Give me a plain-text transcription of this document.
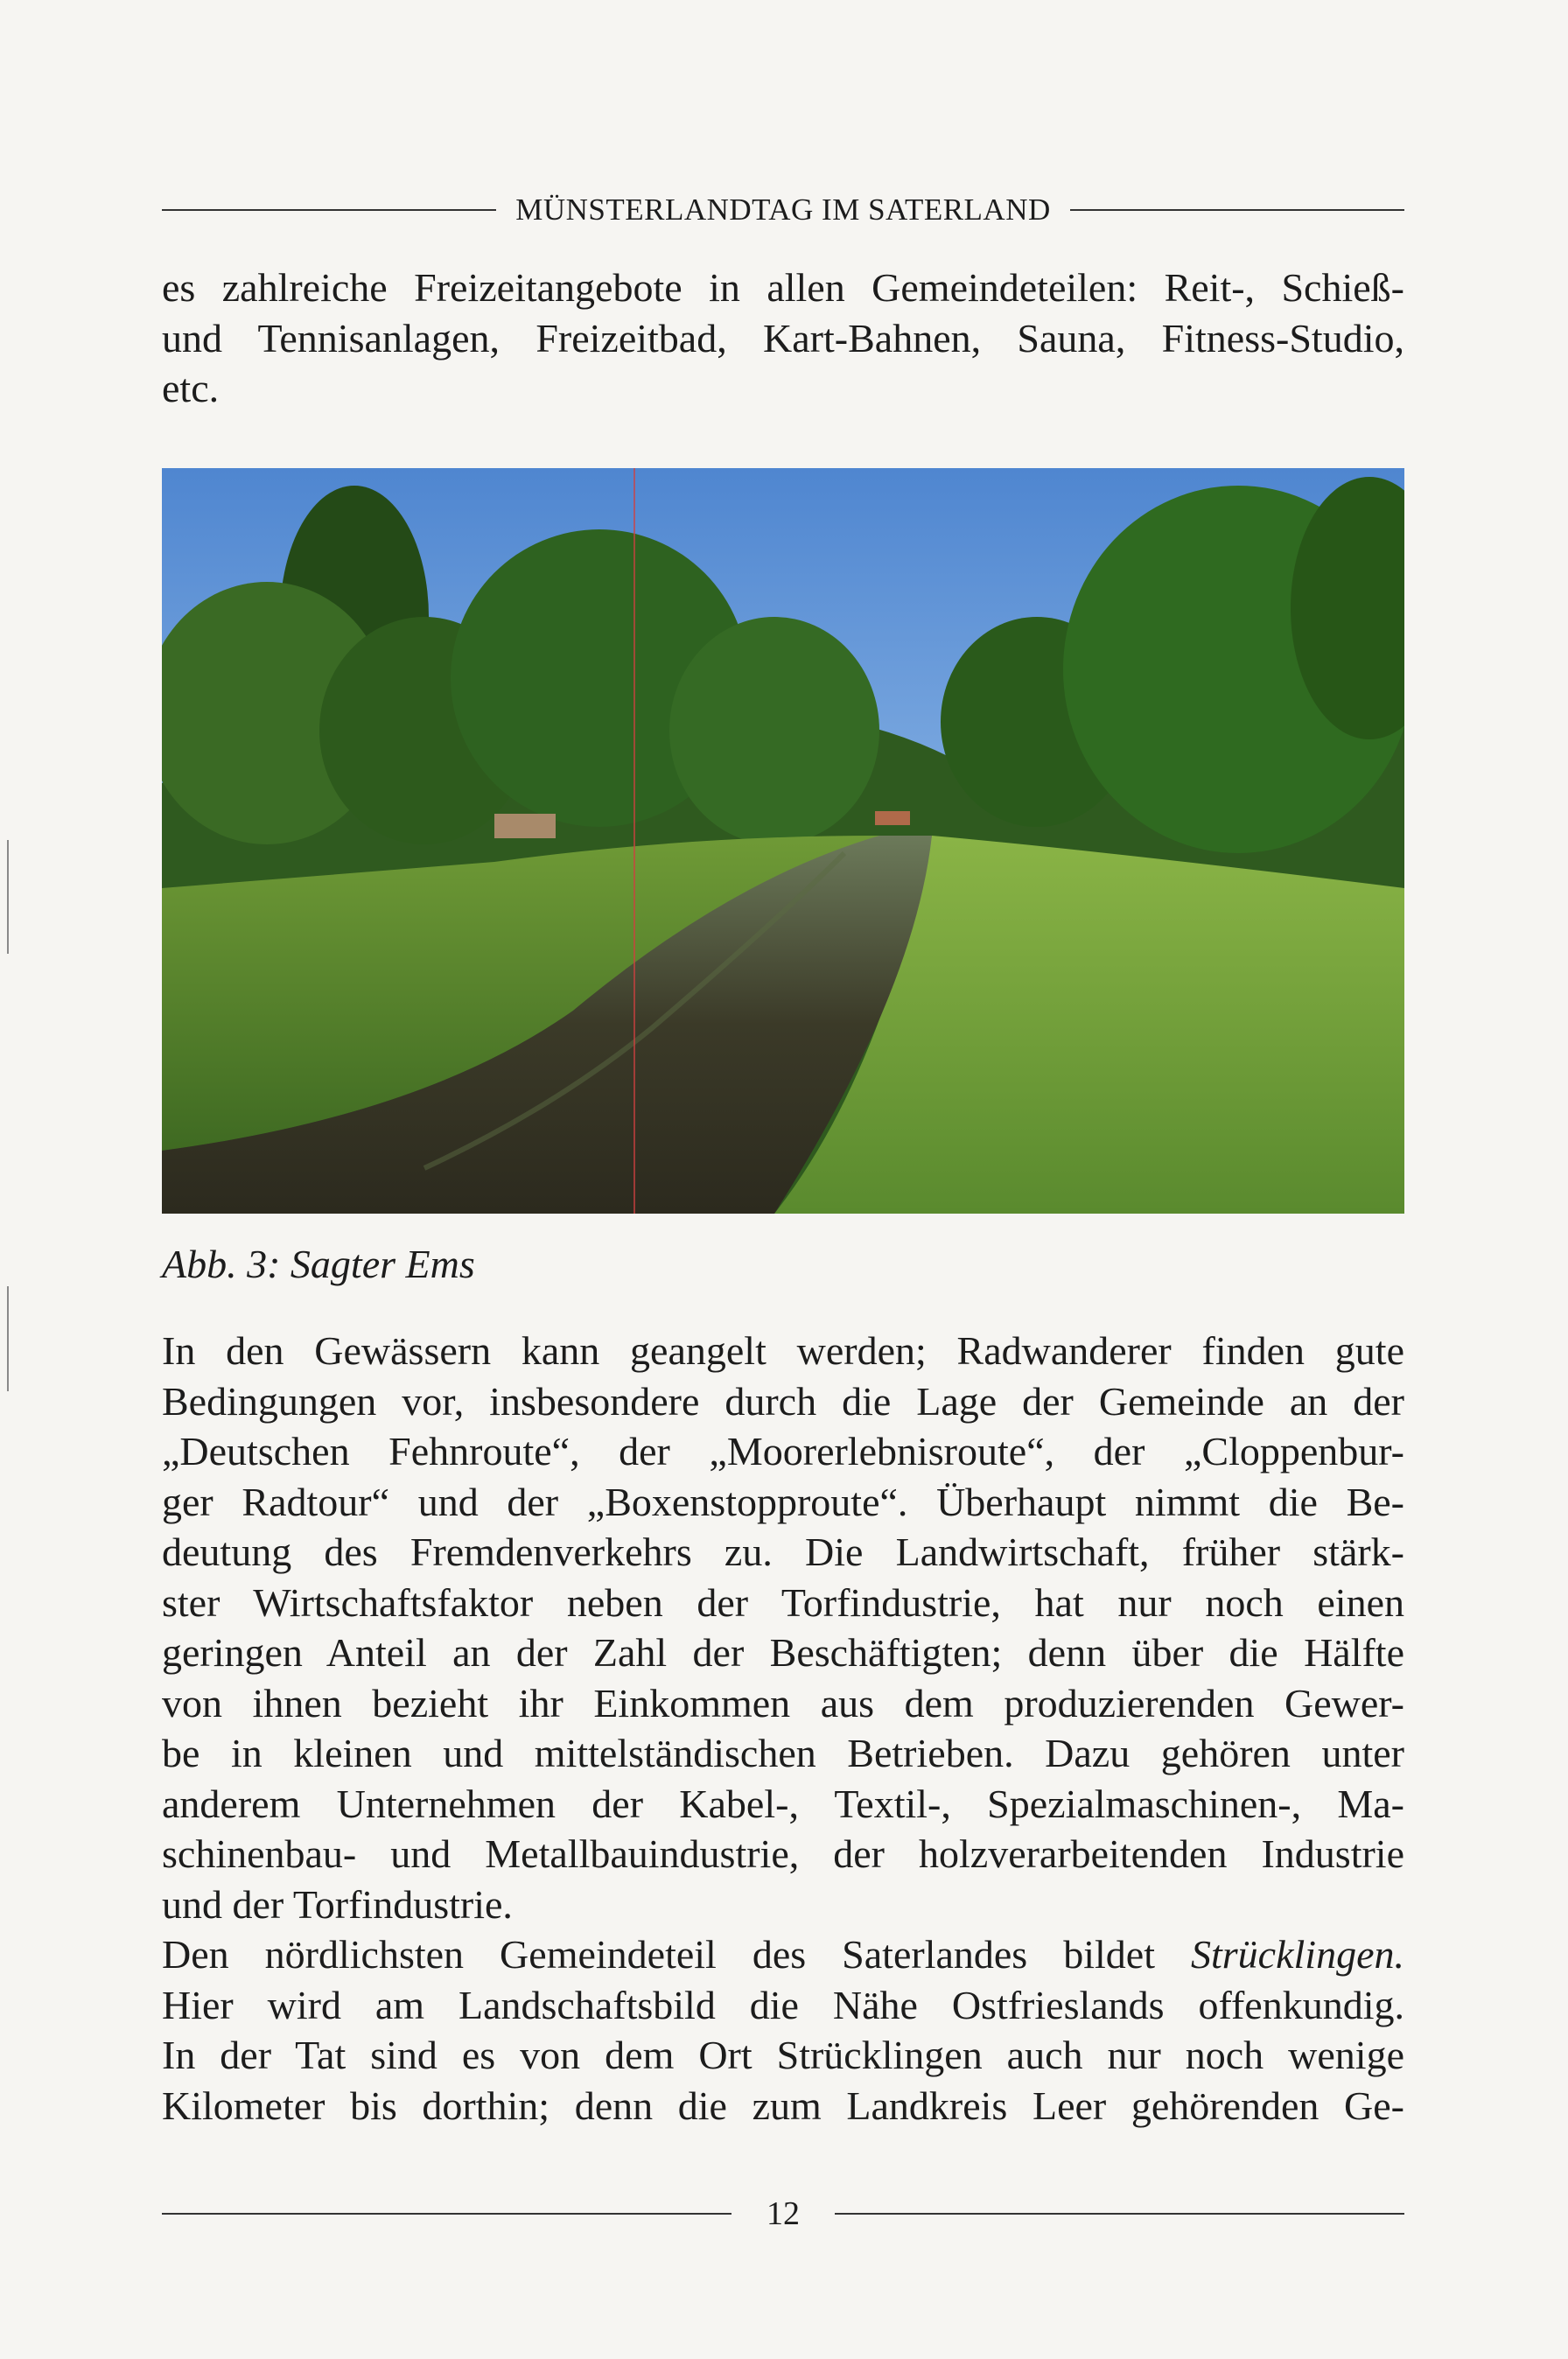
MÜNSTERLANDTAG IM SATERLAND
es zahlreiche Freizeitangebote in allen Gemeindeteilen: Reit-, Schieß-
und Tennisanlagen, Freizeitbad, Kart-Bahnen, Sauna, Fitness-Studio,
etc.
Abb. 3: Sagter Ems
In den Gewässern kann geangelt werden; Radwanderer finden gute
Bedingungen vor, insbesondere durch die Lage der Gemeinde an der
„Deutschen Fehnroute“, der „Moorerlebnisroute“, der „Cloppenbur-
ger Radtour“ und der „Boxenstopproute“. Überhaupt nimmt die Be-
deutung des Fremdenverkehrs zu. Die Landwirtschaft, früher stärk-
ster Wirtschaftsfaktor neben der Torfindustrie, hat nur noch einen
geringen Anteil an der Zahl der Beschäftigten; denn über die Hälfte
von ihnen bezieht ihr Einkommen aus dem produzierenden Gewer-
be in kleinen und mittelständischen Betrieben. Dazu gehören unter
anderem Unternehmen der Kabel-, Textil-, Spezialmaschinen-, Ma-
schinenbau- und Metallbauindustrie, der holzverarbeitenden Industrie
und der Torfindustrie.
Den nördlichsten Gemeindeteil des Saterlandes bildet Strücklingen.
Hier wird am Landschaftsbild die Nähe Ostfrieslands offenkundig.
In der Tat sind es von dem Ort Strücklingen auch nur noch wenige
Kilometer bis dorthin; denn die zum Landkreis Leer gehörenden Ge-
12
